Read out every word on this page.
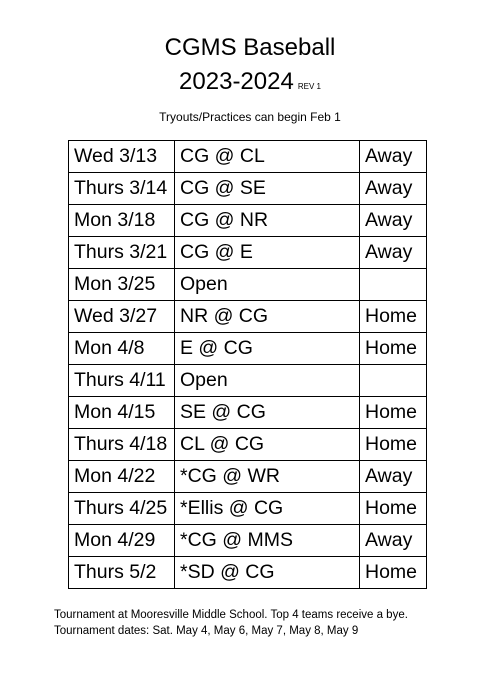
CGMS Baseball
2023-2024 REV 1
Tryouts/Practices can begin Feb 1
Wed 3/13	CG @ CL	Away
Thurs 3/14	CG @ SE	Away
Mon 3/18	CG @ NR	Away
Thurs 3/21	CG @ E	Away
Mon 3/25	Open	
Wed 3/27	NR @ CG	Home
Mon 4/8	E @ CG	Home
Thurs 4/11	Open	
Mon 4/15	SE @ CG	Home
Thurs 4/18	CL @ CG	Home
Mon 4/22	*CG @ WR	Away
Thurs 4/25	*Ellis @ CG	Home
Mon 4/29	*CG @ MMS	Away
Thurs 5/2	*SD @ CG	Home
Tournament at Mooresville Middle School. Top 4 teams receive a bye.
Tournament dates: Sat. May 4, May 6, May 7, May 8, May 9
